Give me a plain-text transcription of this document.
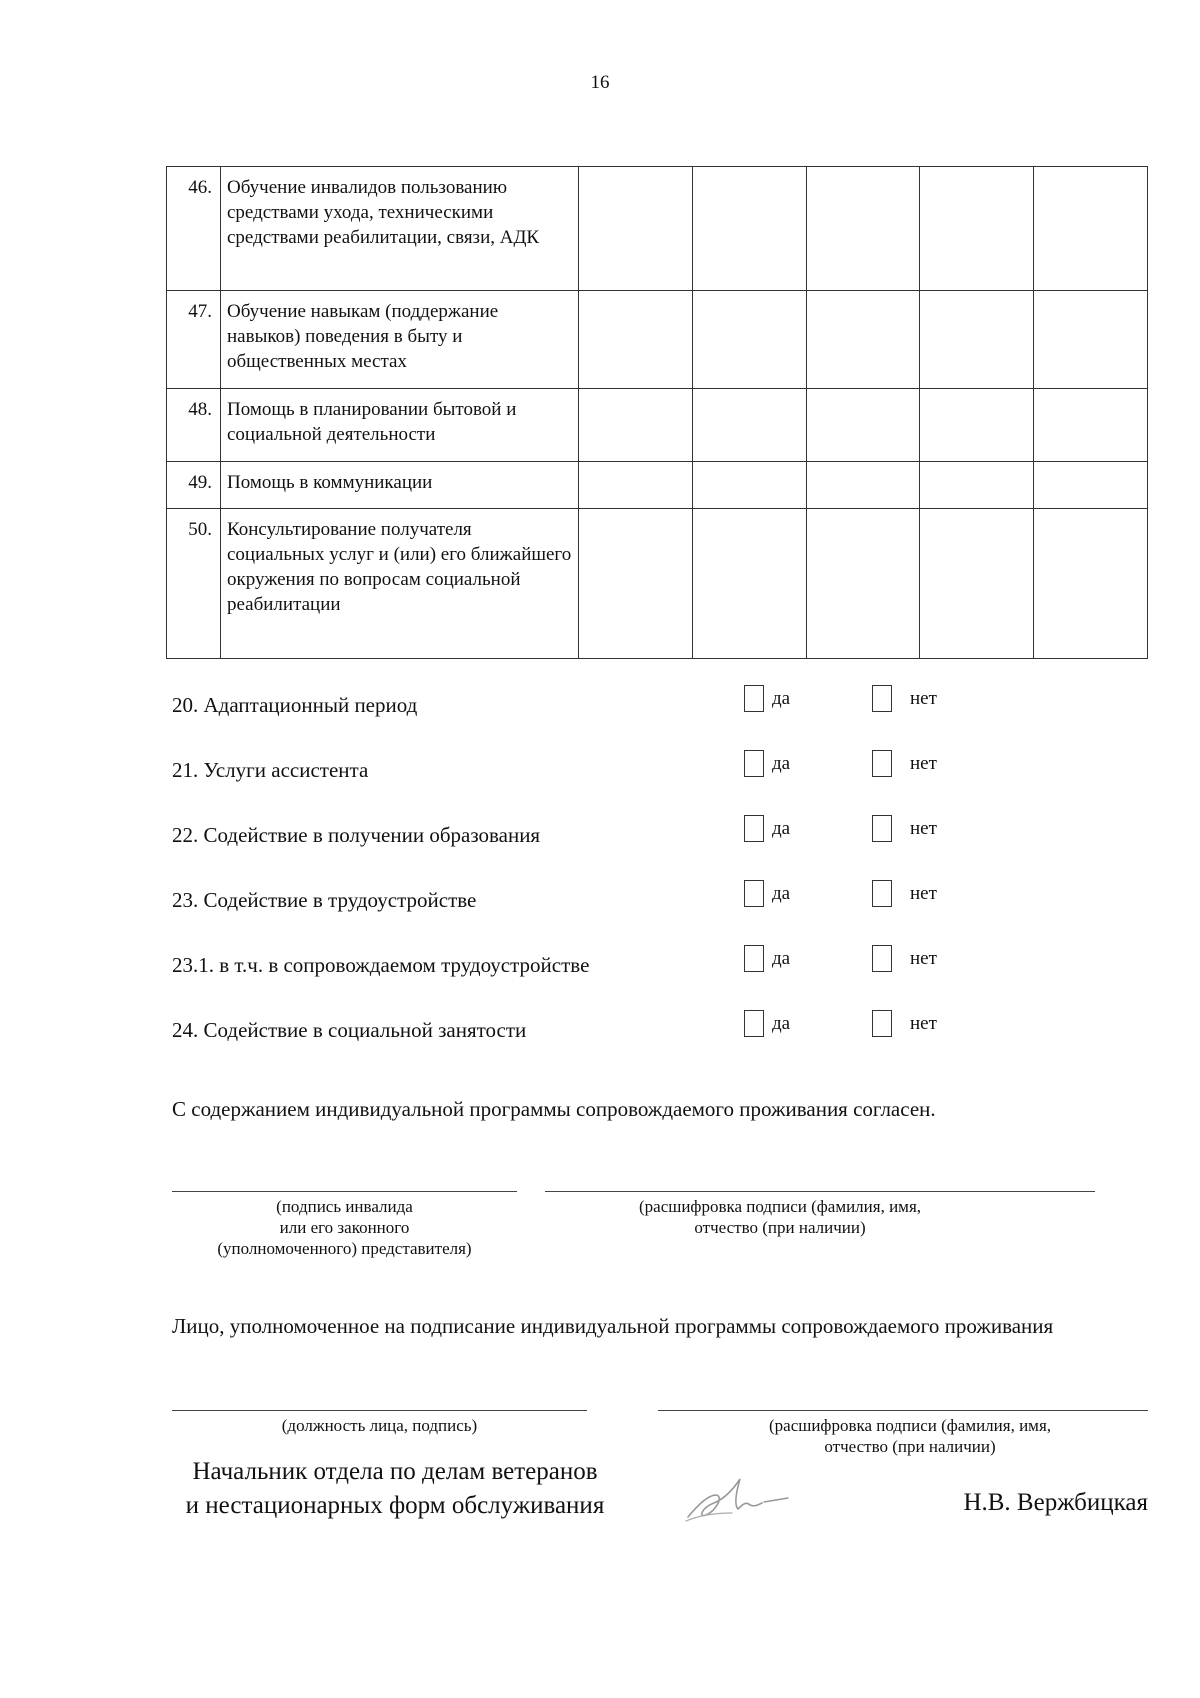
16
46.	Обучение инвалидов пользованию средствами ухода, техническими средствами реабилитации, связи, АДК					
47.	Обучение навыкам (поддержание навыков) поведения в быту и общественных местах					
48.	Помощь в планировании бытовой и социальной деятельности					
49.	Помощь в коммуникации					
50.	Консультирование получателя социальных услуг и (или) его ближайшего окружения по вопросам социальной реабилитации					
20. Адаптационный период	да	нет
21. Услуги ассистента	да	нет
22. Содействие в получении образования	да	нет
23. Содействие в трудоустройстве	да	нет
23.1. в т.ч. в сопровождаемом трудоустройстве	да	нет
24. Содействие в социальной занятости	да	нет
С содержанием индивидуальной программы сопровождаемого проживания согласен.
(подпись инвалида
или его законного
(уполномоченного) представителя)
(расшифровка подписи (фамилия, имя,
отчество (при наличии)
Лицо, уполномоченное на подписание индивидуальной программы сопровождаемого проживания
(должность лица, подпись)	(расшифровка подписи (фамилия, имя,
отчество (при наличии)
Начальник отдела по делам ветеранов
и нестационарных форм обслуживания	Н.В. Вержбицкая
